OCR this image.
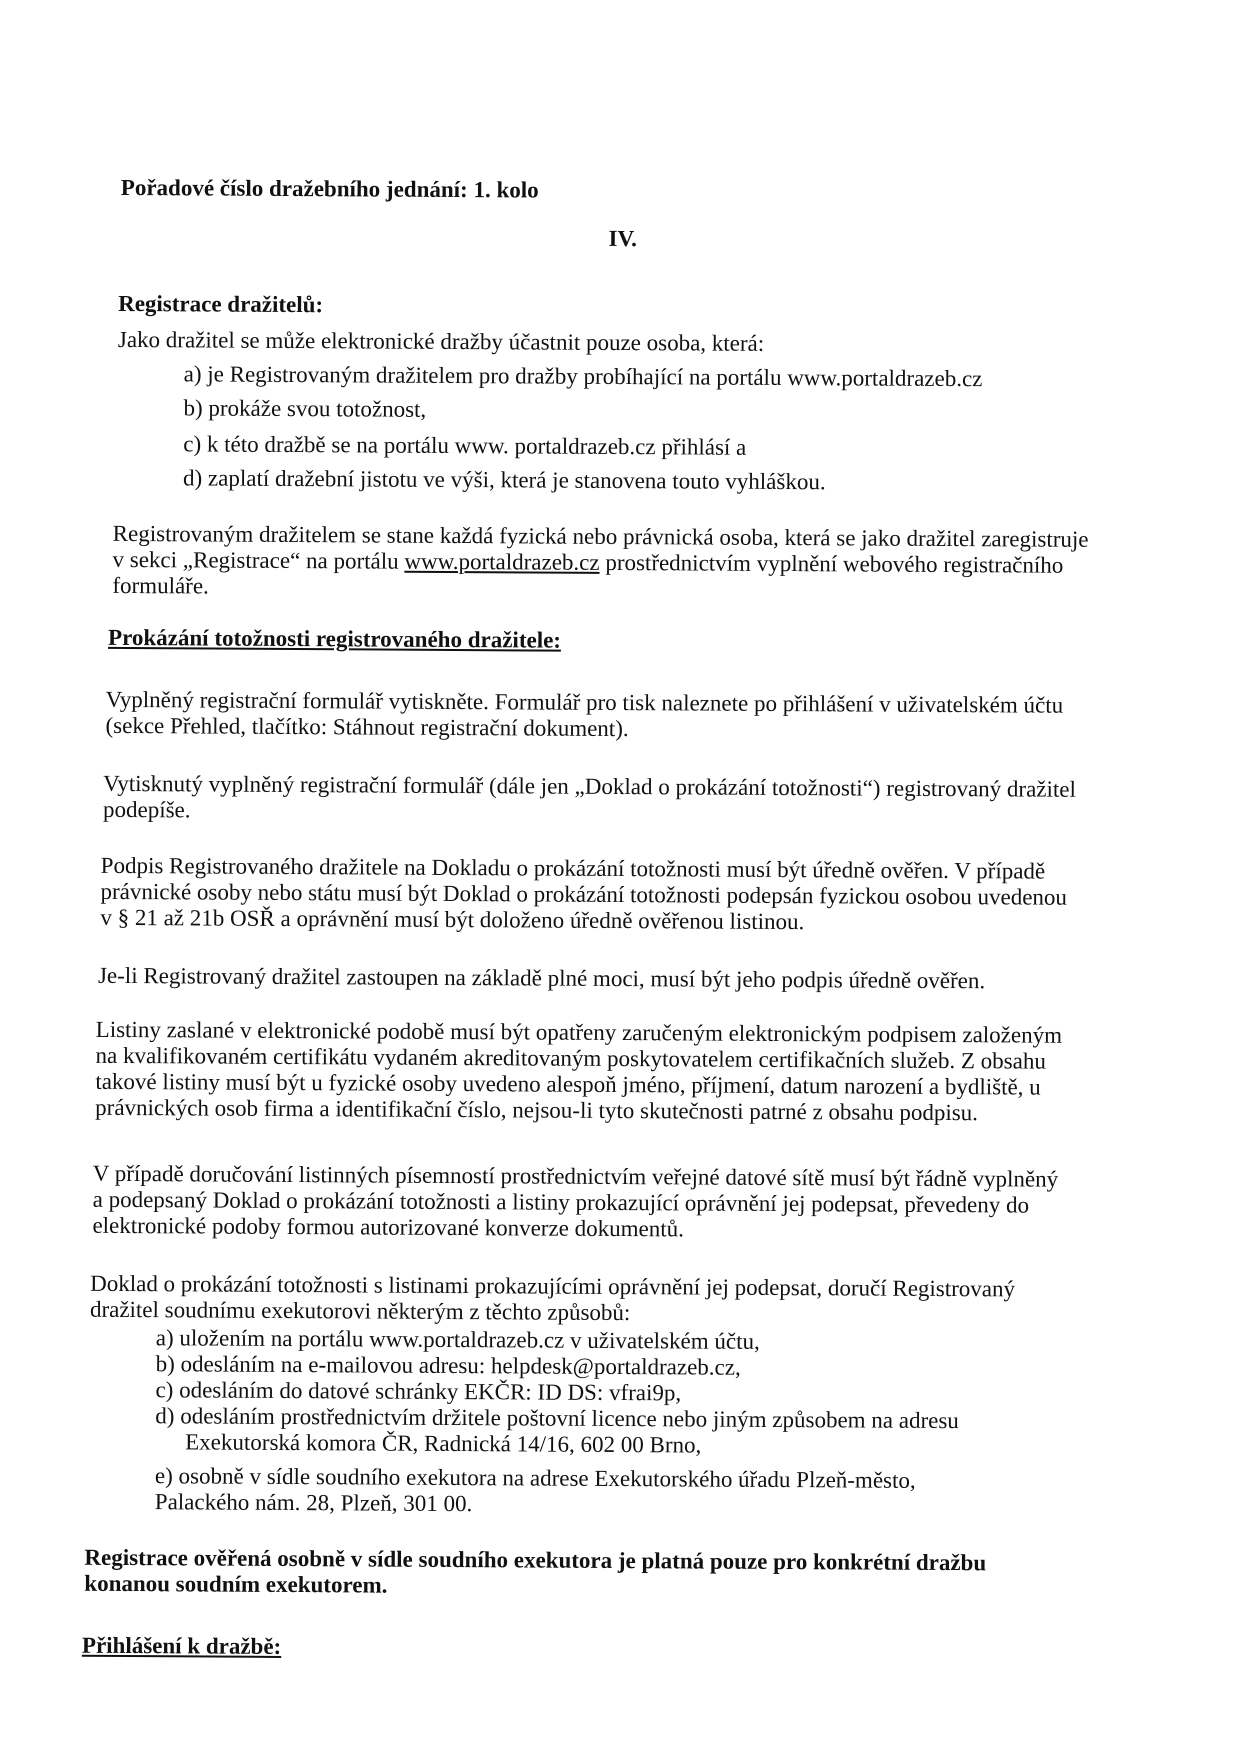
Pořadové číslo dražebního jednání: 1. kolo
IV.
Registrace dražitelů:
Jako dražitel se může elektronické dražby účastnit pouze osoba, která:
a) je Registrovaným dražitelem pro dražby probíhající na portálu www.portaldrazeb.cz
b) prokáže svou totožnost,
c) k této dražbě se na portálu www. portaldrazeb.cz přihlásí a
d) zaplatí dražební jistotu ve výši, která je stanovena touto vyhláškou.
Registrovaným dražitelem se stane každá fyzická nebo právnická osoba, která se jako dražitel zaregistruje
v sekci „Registrace“ na portálu www.portaldrazeb.cz prostřednictvím vyplnění webového registračního
formuláře.
Prokázání totožnosti registrovaného dražitele:
Vyplněný registrační formulář vytiskněte. Formulář pro tisk naleznete po přihlášení v uživatelském účtu
(sekce Přehled, tlačítko: Stáhnout registrační dokument).
Vytisknutý vyplněný registrační formulář (dále jen „Doklad o prokázání totožnosti“) registrovaný dražitel
podepíše.
Podpis Registrovaného dražitele na Dokladu o prokázání totožnosti musí být úředně ověřen. V případě
právnické osoby nebo státu musí být Doklad o prokázání totožnosti podepsán fyzickou osobou uvedenou
v § 21 až 21b OSŘ a oprávnění musí být doloženo úředně ověřenou listinou.
Je-li Registrovaný dražitel zastoupen na základě plné moci, musí být jeho podpis úředně ověřen.
Listiny zaslané v elektronické podobě musí být opatřeny zaručeným elektronickým podpisem založeným
na kvalifikovaném certifikátu vydaném akreditovaným poskytovatelem certifikačních služeb. Z obsahu
takové listiny musí být u fyzické osoby uvedeno alespoň jméno, příjmení, datum narození a bydliště, u
právnických osob firma a identifikační číslo, nejsou-li tyto skutečnosti patrné z obsahu podpisu.
V případě doručování listinných písemností prostřednictvím veřejné datové sítě musí být řádně vyplněný
a podepsaný Doklad o prokázání totožnosti a listiny prokazující oprávnění jej podepsat, převedeny do
elektronické podoby formou autorizované konverze dokumentů.
Doklad o prokázání totožnosti s listinami prokazujícími oprávnění jej podepsat, doručí Registrovaný
dražitel soudnímu exekutorovi některým z těchto způsobů:
a) uložením na portálu www.portaldrazeb.cz v uživatelském účtu,
b) odesláním na e-mailovou adresu: helpdesk@portaldrazeb.cz,
c) odesláním do datové schránky EKČR: ID DS: vfrai9p,
d) odesláním prostřednictvím držitele poštovní licence nebo jiným způsobem na adresu
Exekutorská komora ČR, Radnická 14/16, 602 00 Brno,
e) osobně v sídle soudního exekutora na adrese Exekutorského úřadu Plzeň-město,
Palackého nám. 28, Plzeň, 301 00.
Registrace ověřená osobně v sídle soudního exekutora je platná pouze pro konkrétní dražbu
konanou soudním exekutorem.
Přihlášení k dražbě:
